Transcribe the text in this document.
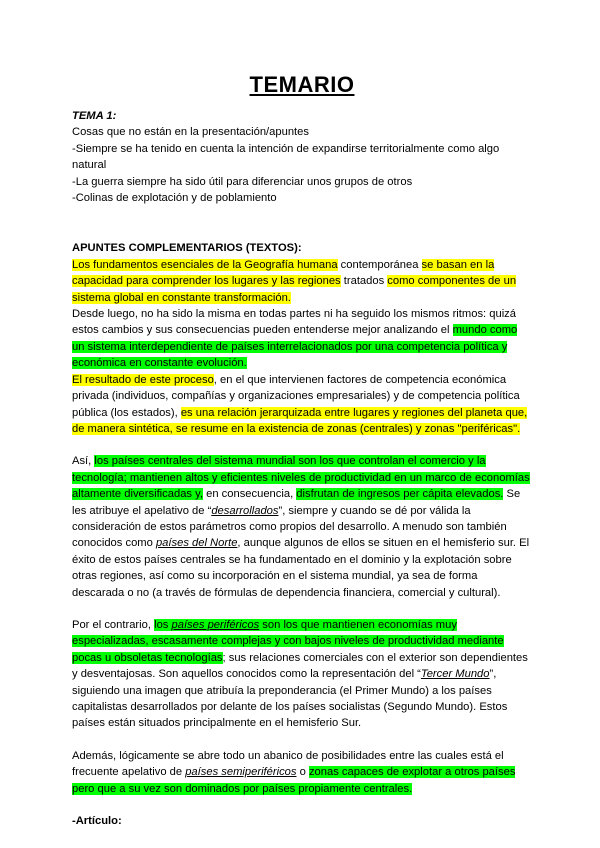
TEMARIO

TEMA 1:

Cosas que no están en la presentación/apuntes

-Siempre se ha tenido en cuenta la intención de expandirse territorialmente como algo natural

-La guerra siempre ha sido útil para diferenciar unos grupos de otros

-Colinas de explotación y de poblamiento

APUNTES COMPLEMENTARIOS (TEXTOS):

Los fundamentos esenciales de la Geografía humana contemporánea se basan en la capacidad para comprender los lugares y las regiones tratados como componentes de un sistema global en constante transformación.

Desde luego, no ha sido la misma en todas partes ni ha seguido los mismos ritmos: quizá estos cambios y sus consecuencias pueden entenderse mejor analizando el mundo como un sistema interdependiente de países interrelacionados por una competencia política y económica en constante evolución.

El resultado de este proceso, en el que intervienen factores de competencia económica privada (individuos, compañías y organizaciones empresariales) y de competencia política pública (los estados), es una relación jerarquizada entre lugares y regiones del planeta que, de manera sintética, se resume en la existencia de zonas (centrales) y zonas "periféricas".

Así, los países centrales del sistema mundial son los que controlan el comercio y la tecnología; mantienen altos y eficientes niveles de productividad en un marco de economías altamente diversificadas y, en consecuencia, disfrutan de ingresos per cápita elevados. Se les atribuye el apelativo de “desarrollados”, siempre y cuando se dé por válida la consideración de estos parámetros como propios del desarrollo. A menudo son también conocidos como países del Norte, aunque algunos de ellos se situen en el hemisferio sur. El éxito de estos países centrales se ha fundamentado en el dominio y la explotación sobre otras regiones, así como su incorporación en el sistema mundial, ya sea de forma descarada o no (a través de fórmulas de dependencia financiera, comercial y cultural).

Por el contrario, los países periféricos son los que mantienen economías muy especializadas, escasamente complejas y con bajos niveles de productividad mediante pocas u obsoletas tecnologías; sus relaciones comerciales con el exterior son dependientes y desventajosas. Son aquellos conocidos como la representación del “Tercer Mundo”, siguiendo una imagen que atribuía la preponderancia (el Primer Mundo) a los países capitalistas desarrollados por delante de los países socialistas (Segundo Mundo). Estos países están situados principalmente en el hemisferio Sur.

Además, lógicamente se abre todo un abanico de posibilidades entre las cuales está el frecuente apelativo de países semiperiféricos o zonas capaces de explotar a otros países pero que a su vez son dominados por países propiamente centrales.

-Artículo:
